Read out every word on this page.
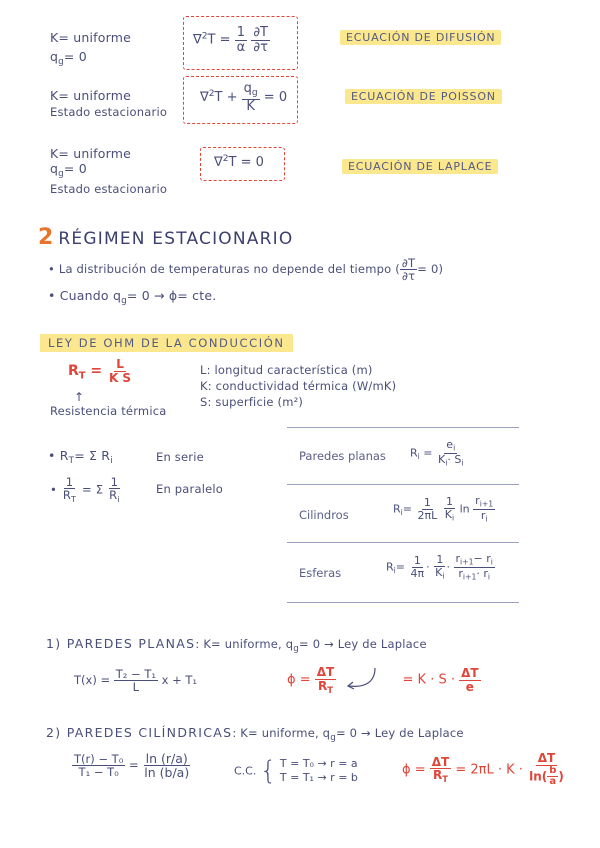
K= uniforme
$q_g= 0$
$\nabla^2T = \frac{1}{\alpha}$
$\frac{\partial T}{\partial\tau}$	ECUACIÓN DE DIFUSIÓN
K= uniforme
Estado estacionario
$\nabla^2T + \frac{q_g}{K} = 0$	ECUACIÓN DE POISSON
K= uniforme
$q_g= 0$
Estado estacionario
∇$^2$T = 0	ECUACIÓN DE LAPLACE
2 RÉGIMEN ESTACIONARIO
• La distribución de temperaturas no depende del tiempo ( $\frac{\partial T}{\partial\tau} = 0$)
• Cuando $q_g= 0 \to \phi=$ cte.
LEY DE OHM DE LA CONDUCCIÓN
$R_T = \frac{L}{\text{K S}}$
↑
Resistencia térmica
L: longitud característica (m)
K: conductividad térmica (W/mK)
S: superficie (m²)
• $R_T= \Sigma$ $R_i$	En serie
• $\frac{1}{R_T} = \Sigma \frac{1}{R_i}$	En paralelo
Paredes planas $R_i = \frac{e_i}{K_i\cdot S_i}$
Cilindros	$R_i= \frac{1}{2\pi L}$
$\frac{1}{K_i}$ $\ln \frac{r_{i+1}}{r_i}$
Esferas	$R_i= \frac{1}{4\pi} \cdot \frac{1}{K_i} \cdot \frac{r_{i+1}- r_i}{r_{i+1}\cdot r_i}$
1) PAREDES PLANAS: K= uniforme, $q_g= 0$ → Ley de Laplace
$T(x) = \frac{\text{T₂ − T₁}}{L}$ x + T₁	$\phi = \frac{\Delta T}{R_T}$	= $K \cdot S \cdot \frac{\Delta T}{e}$
2) PAREDES CILÍNDRICAS: K= uniforme, $q_g= 0$ → Ley de Laplace
$\frac{\text{T(r) − T₀}}{\text{T₁ − T₀}} = \frac{\ln (r/a)}{\ln (b/a)}$	C.C. { T = T₀ → r = a
T = T₁ → r = b
$\phi = \frac{\Delta T}{R_T} = 2\pi L \cdot K \cdot \frac{\Delta T}{\ln( \frac{b}{a} )}$
